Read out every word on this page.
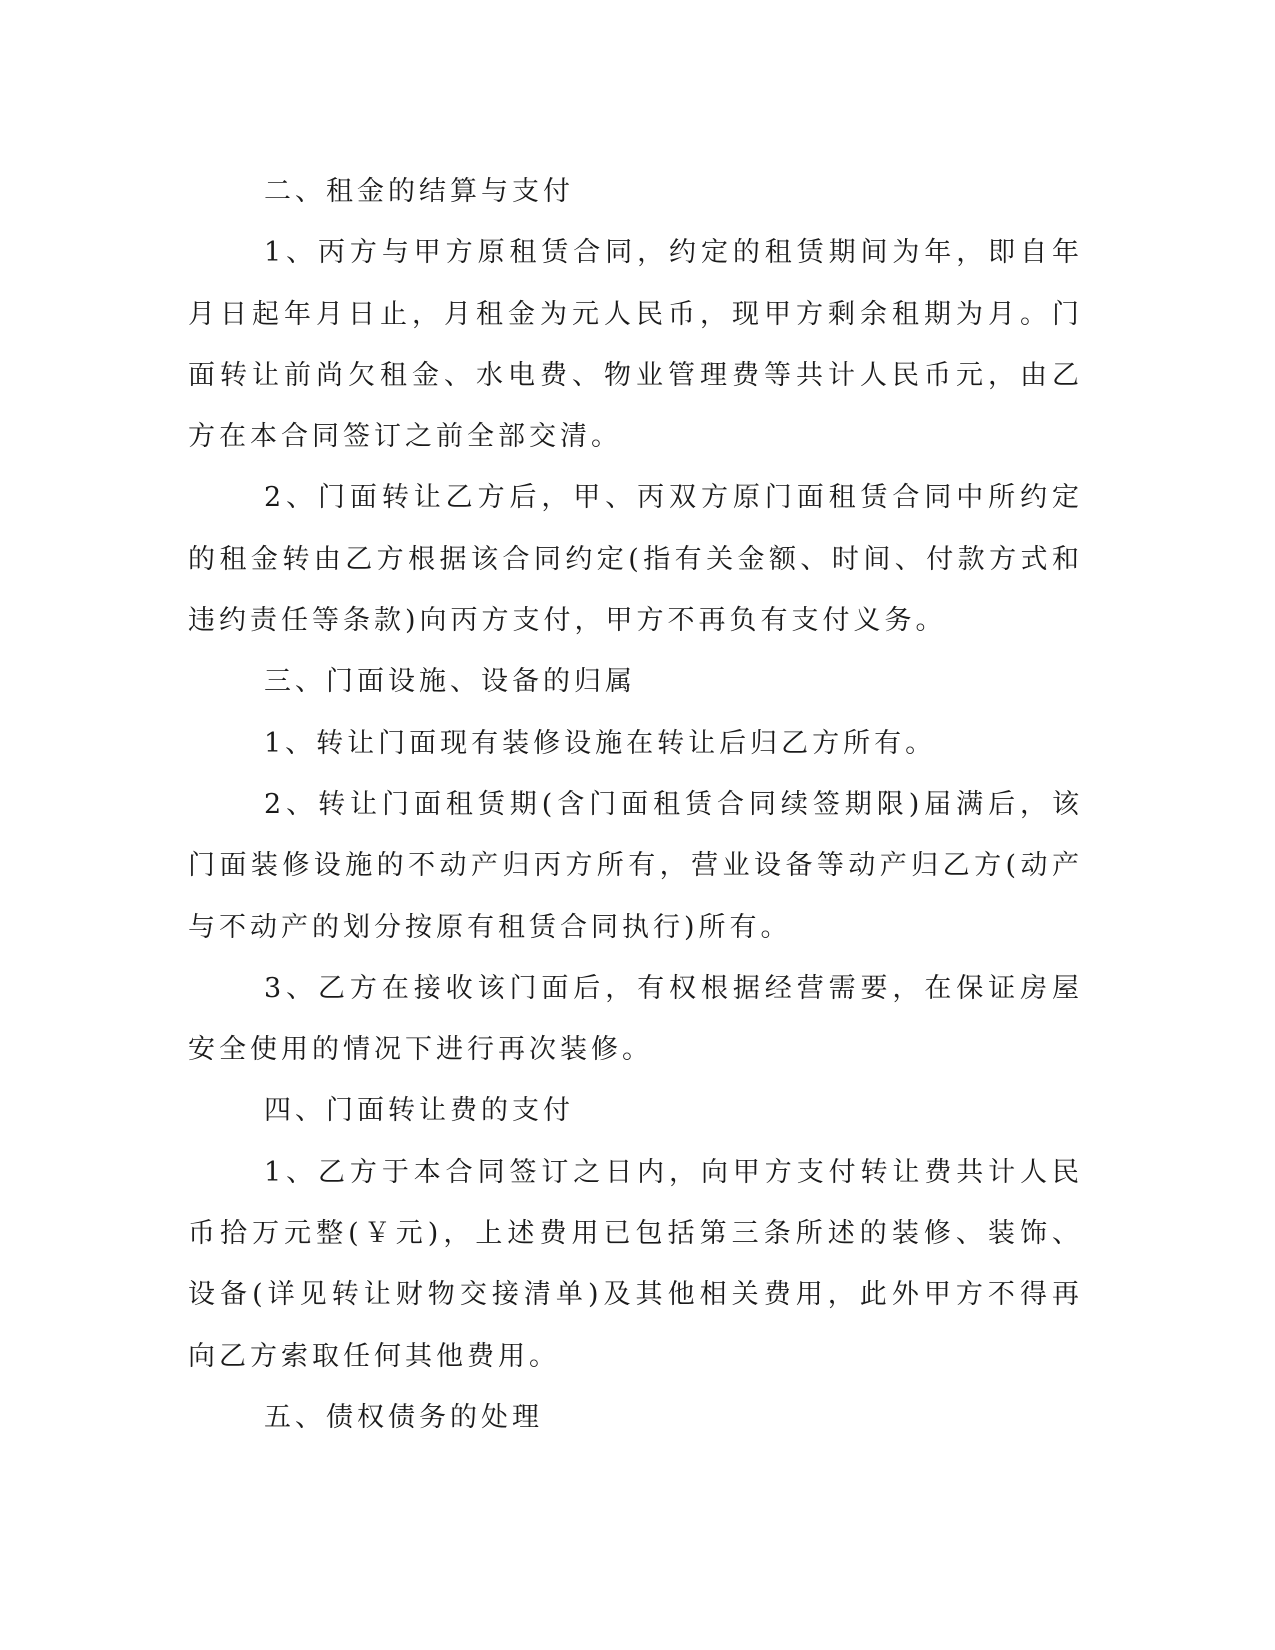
二、租金的结算与支付

1、丙方与甲方原租赁合同，约定的租赁期间为年，即自年月日起年月日止，月租金为元人民币，现甲方剩余租期为月。门面转让前尚欠租金、水电费、物业管理费等共计人民币元，由乙方在本合同签订之前全部交清。

2、门面转让乙方后，甲、丙双方原门面租赁合同中所约定的租金转由乙方根据该合同约定(指有关金额、时间、付款方式和违约责任等条款)向丙方支付，甲方不再负有支付义务。

三、门面设施、设备的归属

1、转让门面现有装修设施在转让后归乙方所有。

2、转让门面租赁期(含门面租赁合同续签期限)届满后，该门面装修设施的不动产归丙方所有，营业设备等动产归乙方(动产与不动产的划分按原有租赁合同执行)所有。

3、乙方在接收该门面后，有权根据经营需要，在保证房屋安全使用的情况下进行再次装修。

四、门面转让费的支付

1、乙方于本合同签订之日内，向甲方支付转让费共计人民币拾万元整(￥元)，上述费用已包括第三条所述的装修、装饰、设备(详见转让财物交接清单)及其他相关费用，此外甲方不得再向乙方索取任何其他费用。

五、债权债务的处理
